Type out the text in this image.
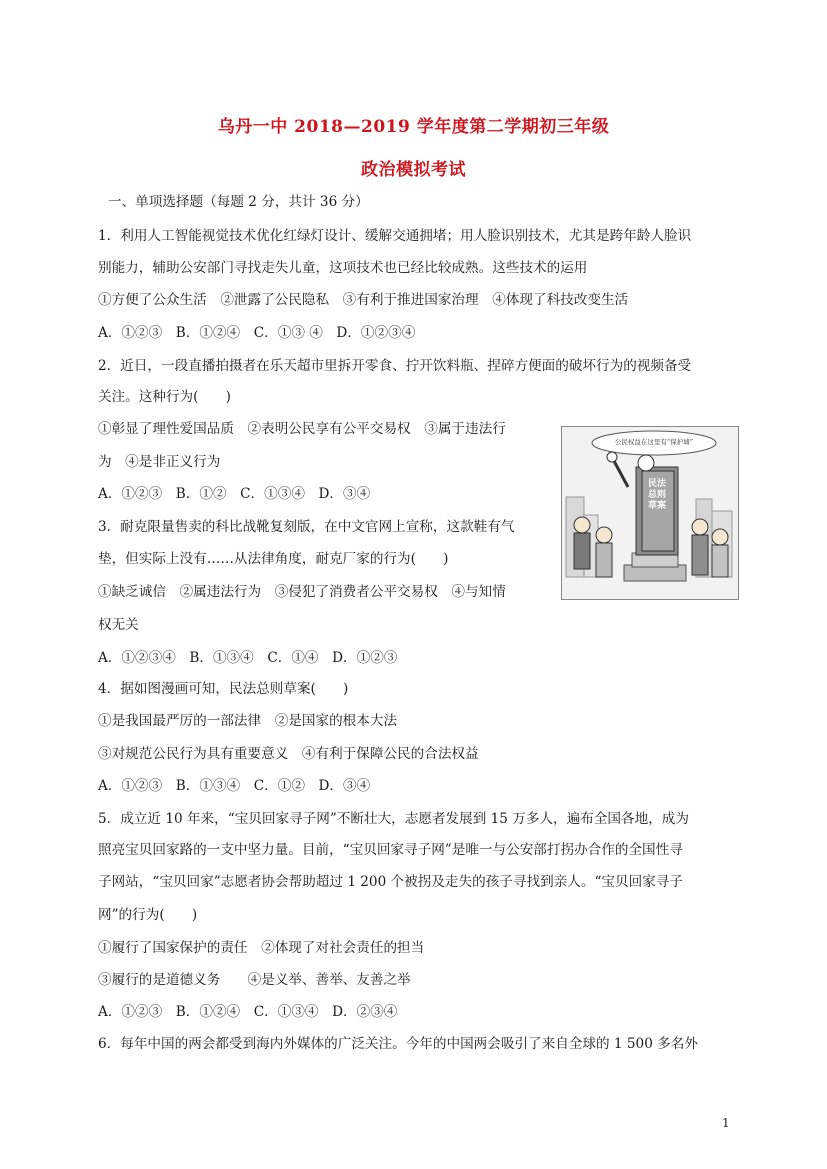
乌丹一中 2018—2019 学年度第二学期初三年级
政治模拟考试
一、单项选择题（每题 2 分，共计 36 分）
1．利用人工智能视觉技术优化红绿灯设计、缓解交通拥堵；用人脸识别技术，尤其是跨年龄人脸识
别能力，辅助公安部门寻找走失儿童，这项技术也已经比较成熟。这些技术的运用
①方便了公众生活　②泄露了公民隐私　③有利于推进国家治理　④体现了科技改变生活
A．①②③　B．①②④　C．①③ ④　D．①②③④
2．近日，一段直播拍摄者在乐天超市里拆开零食、拧开饮料瓶、捏碎方便面的破坏行为的视频备受
关注。这种行为(　　)
①彰显了理性爱国品质　②表明公民享有公平交易权　③属于违法行
为　④是非正义行为
A．①②③　B．①②　C．①③④　D．③④
3．耐克限量售卖的科比战靴复刻版，在中文官网上宣称，这款鞋有气
垫，但实际上没有……从法律角度，耐克厂家的行为(　　)
①缺乏诚信　②属违法行为　③侵犯了消费者公平交易权　④与知情
权无关
A．①②③④　B．①③④　C．①④　D．①②③
4．据如图漫画可知，民法总则草案(　　)
①是我国最严厉的一部法律　②是国家的根本大法
③对规范公民行为具有重要意义　④有利于保障公民的合法权益
A．①②③　B．①③④　C．①②　D．③④
5．成立近 10 年来，“宝贝回家寻子网”不断壮大，志愿者发展到 15 万多人，遍布全国各地，成为
照亮宝贝回家路的一支中坚力量。目前，“宝贝回家寻子网”是唯一与公安部打拐办合作的全国性寻
子网站，“宝贝回家”志愿者协会帮助超过 1 200 个被拐及走失的孩子寻找到亲人。“宝贝回家寻子
网”的行为(　　)
①履行了国家保护的责任　②体现了对社会责任的担当
③履行的是道德义务　　④是义举、善举、友善之举
A．①②③　B．①②④　C．①③④　D．②③④
6．每年中国的两会都受到海内外媒体的广泛关注。今年的中国两会吸引了来自全球的 1 500 多名外
公民权益在这里有“保护墙”
民法总则草案
1
